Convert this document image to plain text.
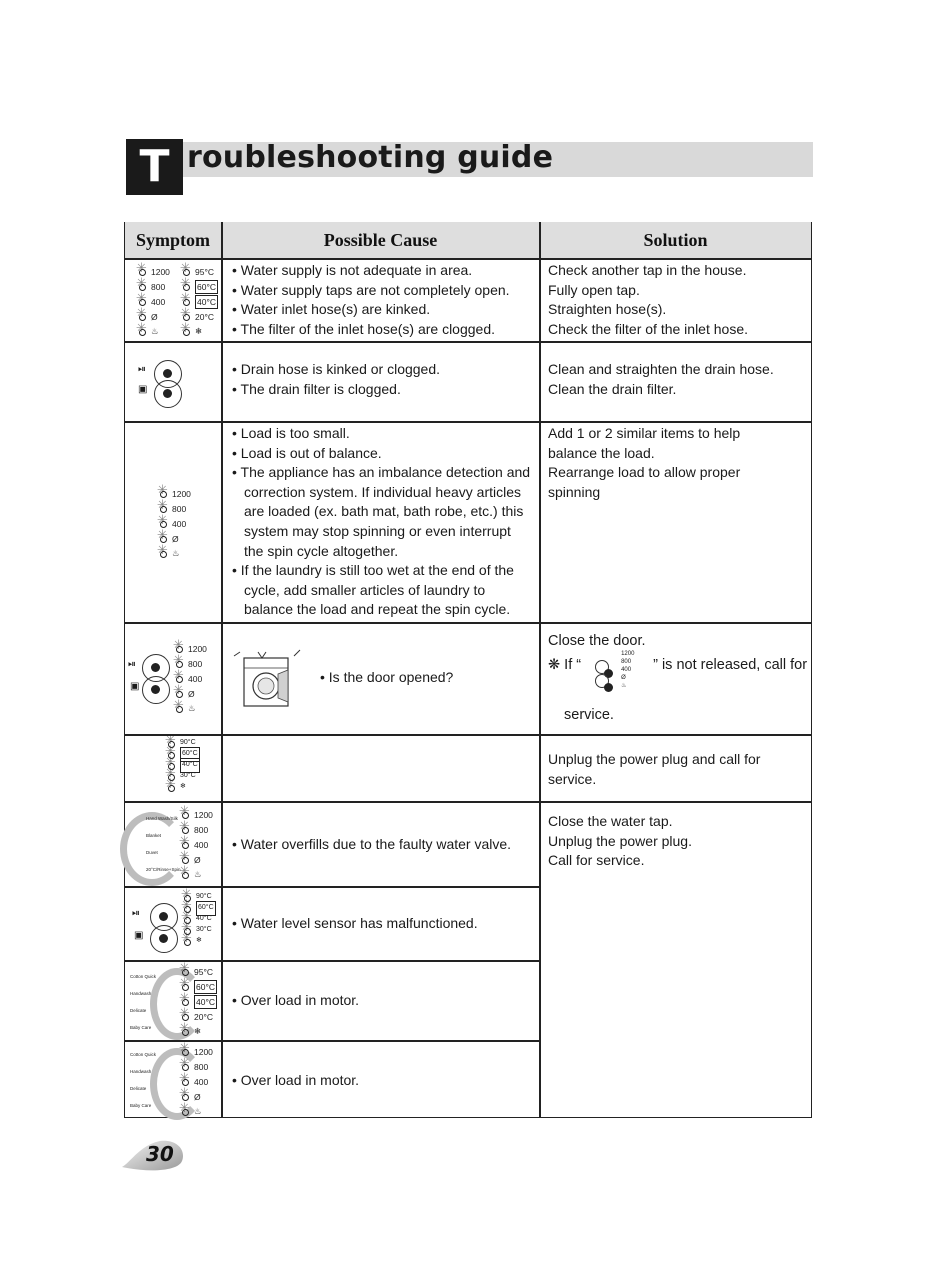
T roubleshooting guide
Symptom	Possible Cause	Solution
✳
1200
✳
800
✳
400
✳
Ø
✳
♨
✳
95°C
✳
60°C
✳
40°C
✳
20°C
✳
❄
• Water supply is not adequate in area.
• Water supply taps are not completely open.
• Water inlet hose(s) are kinked.
• The filter of the inlet hose(s) are clogged.
Check another tap in the house.
Fully open tap.
Straighten hose(s).
Check the filter of the inlet hose.
⏯
▣
• Drain hose is kinked or clogged.
• The drain filter is clogged.
Clean and straighten the drain hose.
Clean the drain filter.
✳
1200
✳
800
✳
400
✳
Ø
✳
♨
• Load is too small.
• Load is out of balance.
• The appliance has an imbalance detection and correction system. If individual heavy articles are loaded (ex. bath mat, bath robe, etc.) this system may stop spinning or even interrupt the spin cycle altogether.
• If the laundry is still too wet at the end of the cycle, add smaller articles of laundry to balance the load and repeat the spin cycle.
Add 1 or 2 similar items to help balance the load.
Rearrange load to allow proper spinning
⏯
▣
✳
1200
✳
800
✳
400
✳
Ø
✳
♨
• Is the door opened?
Close the door.
❋ If “
1200
800
400
Ø
♨
” is not released, call for
service.
✳
90°C
✳
60°C
✳
40°C
✳
30°C
✳
❄
Unplug the power plug and call for service.
Hand Wash/Silk
Blanket
Duvet
20°C/Rinse+Spin
✳
1200
✳
800
✳
400
✳
Ø
✳
♨
• Water overfills due to the faulty water valve.
Close the water tap.
Unplug the power plug.
Call for service.
⏯
▣
✳
90°C
✳
60°C
✳
40°C
✳
30°C
✳
❄
• Water level sensor has malfunctioned.
Cotton Quick
Handwash
Delicate
Baby Care
✳
95°C
✳
60°C
✳
40°C
✳
20°C
✳
❄
• Over load in motor.
Cotton Quick
Handwash
Delicate
Baby Care
✳
1200
✳
800
✳
400
✳
Ø
✳
♨
• Over load in motor.
30
